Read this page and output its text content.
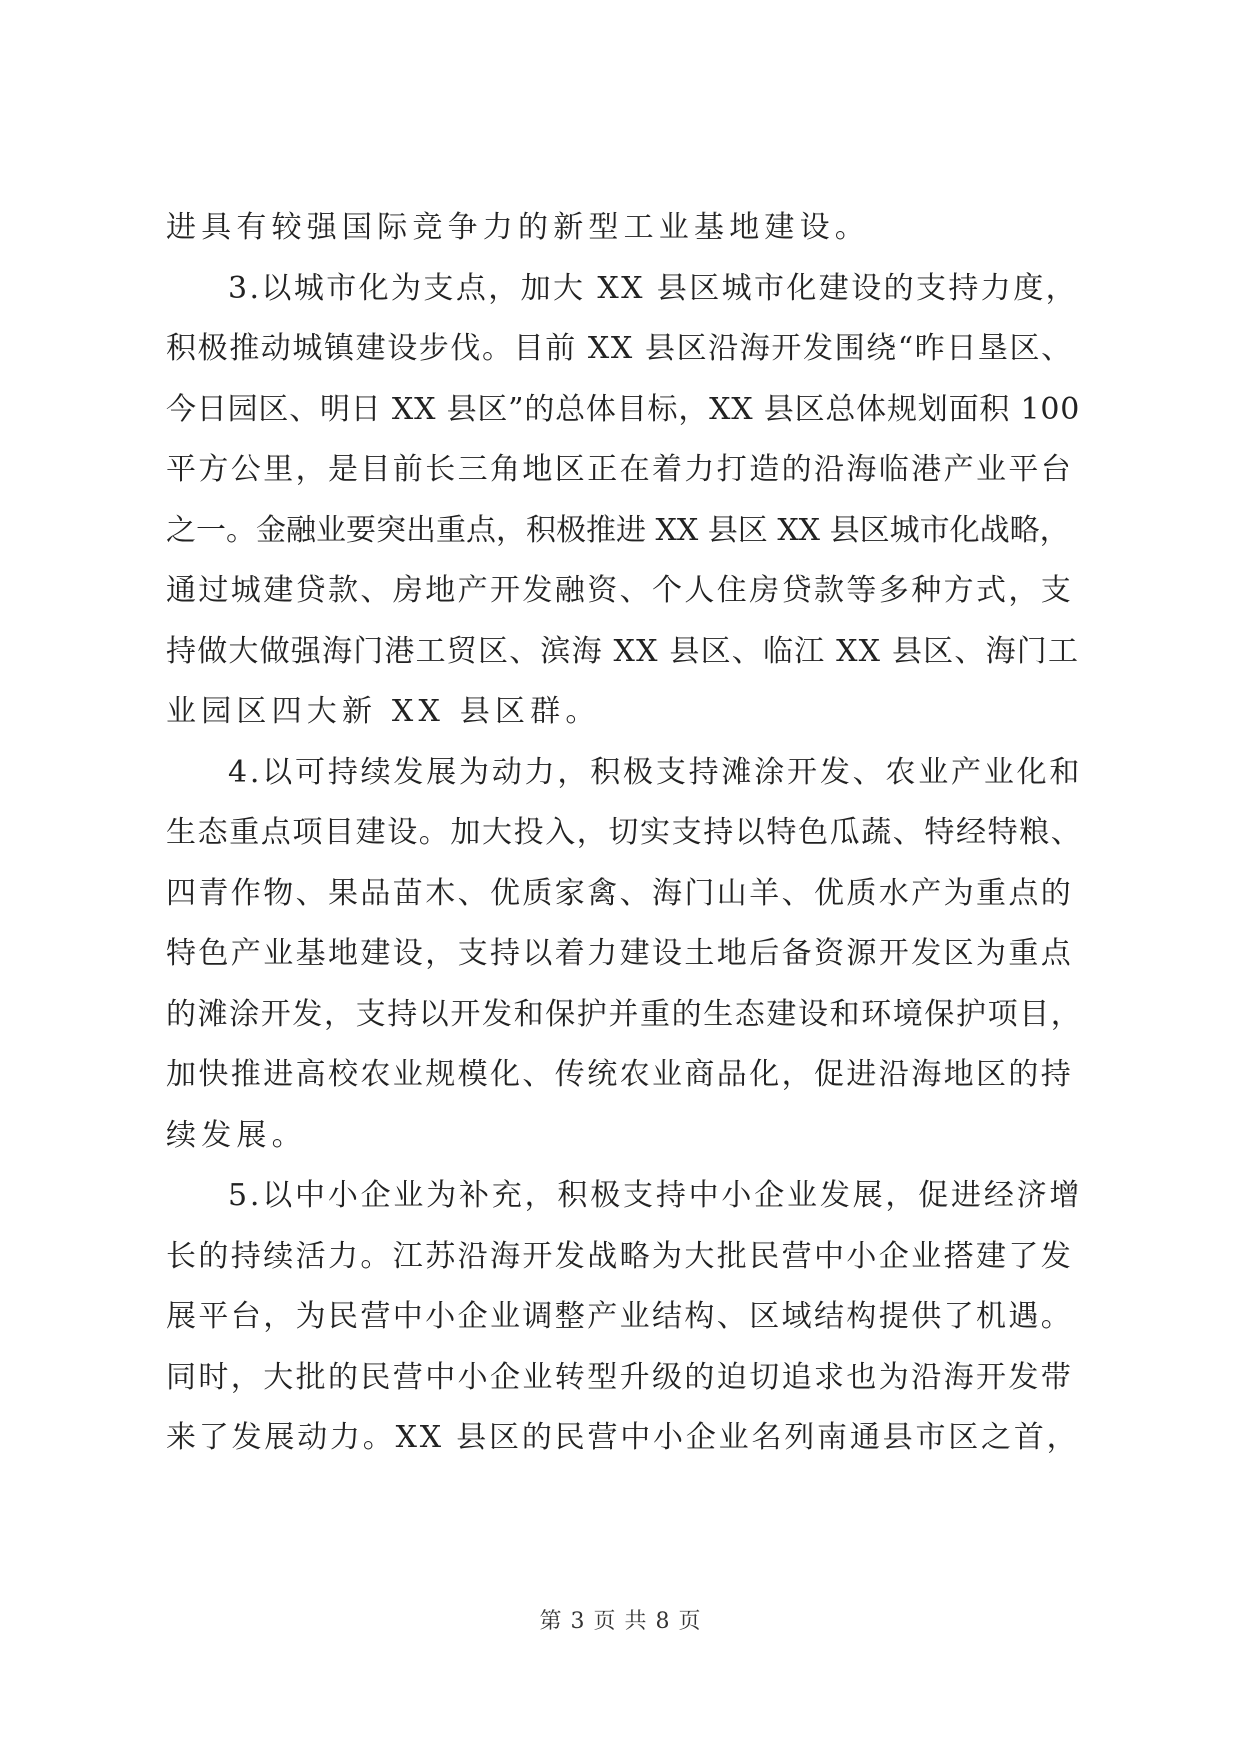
进具有较强国际竞争力的新型工业基地建设。
3.以城市化为支点，加大 XX 县区城市化建设的支持力度，
积极推动城镇建设步伐。目前 XX 县区沿海开发围绕“昨日垦区、
今日园区、明日 XX 县区”的总体目标，XX 县区总体规划面积 100
平方公里，是目前长三角地区正在着力打造的沿海临港产业平台
之一。金融业要突出重点，积极推进 XX 县区 XX 县区城市化战略，
通过城建贷款、房地产开发融资、个人住房贷款等多种方式，支
持做大做强海门港工贸区、滨海 XX 县区、临江 XX 县区、海门工
业园区四大新 XX 县区群。
4.以可持续发展为动力，积极支持滩涂开发、农业产业化和
生态重点项目建设。加大投入，切实支持以特色瓜蔬、特经特粮、
四青作物、果品苗木、优质家禽、海门山羊、优质水产为重点的
特色产业基地建设，支持以着力建设土地后备资源开发区为重点
的滩涂开发，支持以开发和保护并重的生态建设和环境保护项目，
加快推进高校农业规模化、传统农业商品化，促进沿海地区的持
续发展。
5.以中小企业为补充，积极支持中小企业发展，促进经济增
长的持续活力。江苏沿海开发战略为大批民营中小企业搭建了发
展平台，为民营中小企业调整产业结构、区域结构提供了机遇。
同时，大批的民营中小企业转型升级的迫切追求也为沿海开发带
来了发展动力。XX 县区的民营中小企业名列南通县市区之首，
第 3 页 共 8 页
